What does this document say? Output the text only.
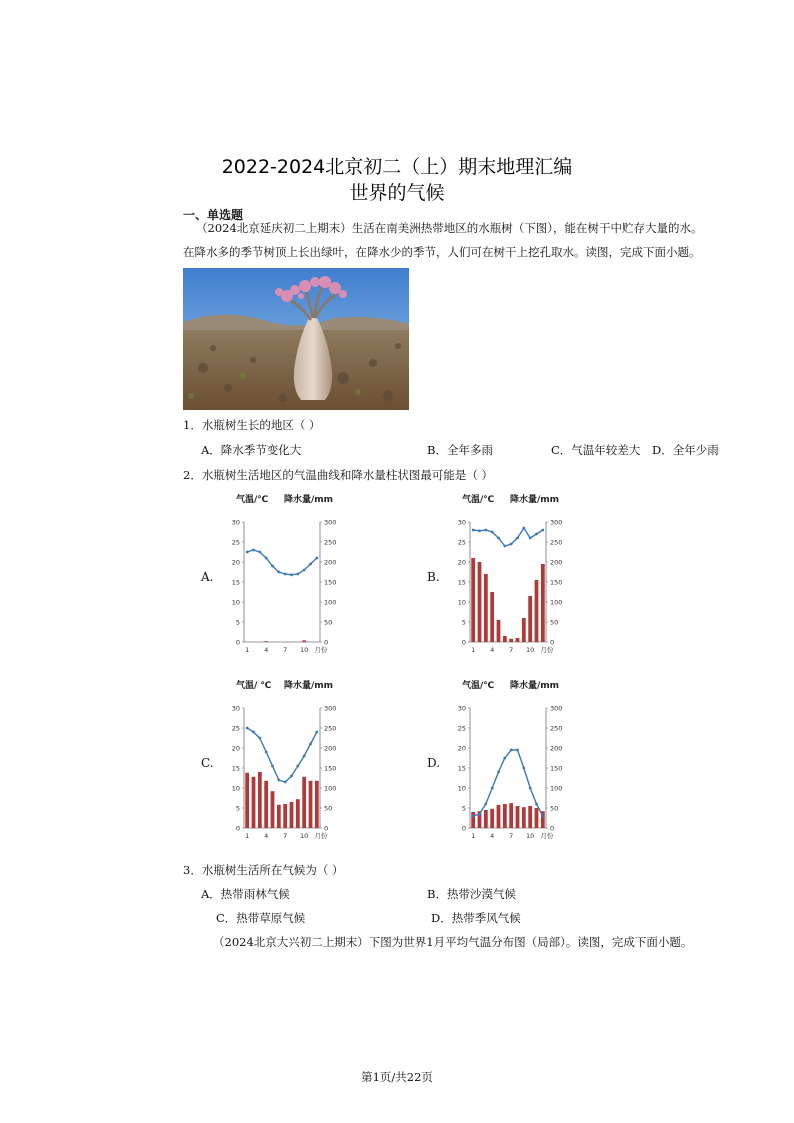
2022-2024北京初二（上）期末地理汇编
世界的气候
一、单选题
（2024北京延庆初二上期末）生活在南美洲热带地区的水瓶树（下图），能在树干中贮存大量的水。
在降水多的季节树顶上长出绿叶，在降水少的季节，人们可在树干上挖孔取水。读图，完成下面小题。
1．水瓶树生长的地区（ ）
A．降水季节变化大	B．全年多雨	C．气温年较差大 D．全年少雨
2．水瓶树生活地区的气温曲线和降水量柱状图最可能是（ ）
A.	B.
C.	D.
气温/℃ 降水量/mm
0
5
10
15
20
25
30
0
50
100
150
200
250
300
1 4 7 10 月份
气温/℃ 降水量/mm
0
5
10
15
20
25
30
0
50
100
150
200
250
300
1 4 7 10 月份
气温/ ℃ 降水量/mm
0
5
10
15
20
25
30
0
50
100
150
200
250
300
1 4 7 10 月份
气温/℃ 降水量/mm
0
5
10
15
20
25
30
0
50
100
150
200
250
300
1 4 7 10 月份
3．水瓶树生活所在气候为（ ）
A．热带雨林气候	B．热带沙漠气候
C．热带草原气候	D．热带季风气候
（2024北京大兴初二上期末）下图为世界1月平均气温分布图（局部）。读图，完成下面小题。
第1页/共22页
